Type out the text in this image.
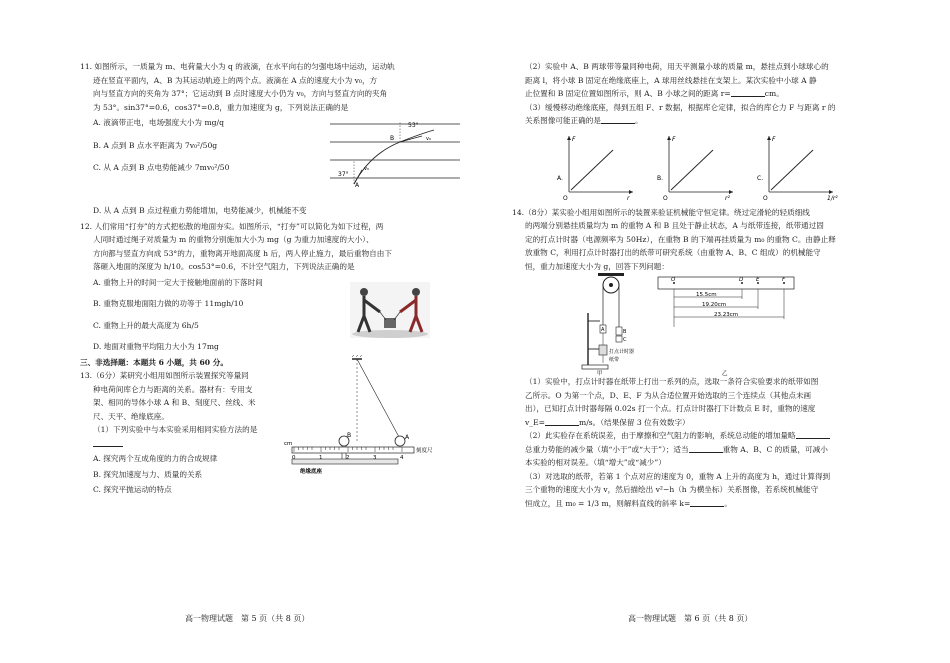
11. 如图所示，一质量为 m、电荷量大小为 q 的液滴，在水平向右的匀强电场中运动，运动轨

迹在竖直平面内，A、B 为其运动轨迹上的两个点。液滴在 A 点的速度大小为 v₀，方

向与竖直方向的夹角为 37°；它运动到 B 点时速度大小仍为 v₀，方向与竖直方向的夹角

为 53°。sin37°=0.6，cos37°=0.8，重力加速度为 g，下列说法正确的是

A. 液滴带正电，电场强度大小为 mg/q

B. A 点到 B 点水平距离为 7v₀²/50g

C. 从 A 点到 B 点电势能减少 7mv₀²/50

37°
A
B
53°
v₀
v₀

D. 从 A 点到 B 点过程重力势能增加，电势能减少，机械能不变

12. 人们常用“打夯”的方式把松散的地面夯实。如图所示，“打夯”可以简化为如下过程，两

人同时通过绳子对质量为 m 的重物分别施加大小为 mg（g 为重力加速度的大小）、

方向都与竖直方向成 53°的力，重物离开地面高度 h 后，两人停止施力，最后重物自由下

落砸入地面的深度为 h/10。cos53°=0.6，不计空气阻力，下列说法正确的是

A. 重物上升的时间一定大于接触地面前的下落时间

B. 重物克服地面阻力做的功等于 11mgh/10

C. 重物上升的最大高度为 6h/5

D. 地面对重物平均阻力大小为 17mg

三、非选择题：本题共 6 小题，共 60 分。

13.（6分）某研究小组用如图所示装置探究等量同

种电荷间库仑力与距离的关系。器材有：专用支

架、相同的导体小球 A 和 B、刻度尺、丝线、米

尺、天平、绝缘底座。

（1）下列实验中与本实验采用相同实验方法的是

A. 探究两个互成角度的力的合成规律

B. 探究加速度与力、质量的关系

C. 探究平抛运动的特点

cm
0	1	2	3	4
刻度尺
绝缘底座
B	A
高一物理试题　第 5 页（共 8 页）

（2）实验中 A、B 两球带等量同种电荷，用天平测量小球的质量 m，悬挂点到小球球心的

距离 l，将小球 B 固定在绝缘底座上，A 球用丝线悬挂在支架上。某次实验中小球 A 静

止位置和 B 固定位置如图所示，则 A、B 小球之间的距离 r=	cm。

（3）缓慢移动绝缘底座，得到五组 F、r 数据，根据库仑定律，拟合的库仑力 F 与距离 r 的

关系图像可能正确的是	。

A.
F
O	r
B.
F
O	r²
C.
F
O	1/r²

14.（8分）某实验小组用如图所示的装置来验证机械能守恒定律。绕过定滑轮的轻质细线

的两端分别悬挂质量均为 m 的重物 A 和 B 且处于静止状态，A 与纸带连接，纸带通过固

定的打点计时器（电源频率为 50Hz），在重物 B 的下端再挂质量为 m₀ 的重物 C。由静止释

放重物 C，利用打点计时器打出的纸带可研究系统（由重物 A、B、C 组成）的机械能守

恒，重力加速度大小为 g，回答下列问题：

A	B
C
打点计时器
纸带
甲
O	D E	F
15.5cm
19.20cm
23.23cm
乙

（1）实验中，打点计时器在纸带上打出一系列的点，选取一条符合实验要求的纸带如图

乙所示。O 为第一个点，D、E、F 为从合适位置开始选取的三个连续点（其他点未画

出），已知打点计时器每隔 0.02s 打一个点。打点计时器打下计数点 E 时，重物的速度

v_E=	m/s。（结果保留 3 位有效数字）

（2）此实验存在系统误差，由于摩擦和空气阻力的影响，系统总动能的增加量略

总重力势能的减少量（填“小于”或“大于”）；适当	重物 A、B、C 的质量，可减小

本实验的相对误差。（填“增大”或“减少”）

（3）对选取的纸带，若第 1 个点对应的速度为 0，重物 A 上升的高度为 h，通过计算得到

三个重物的速度大小为 v，然后描绘出 v²−h（h 为横坐标）关系图像，若系统机械能守

恒成立，且 m₀ = 1/3 m，则解料直线的斜率 k=	。

高一物理试题　第 6 页（共 8 页）
